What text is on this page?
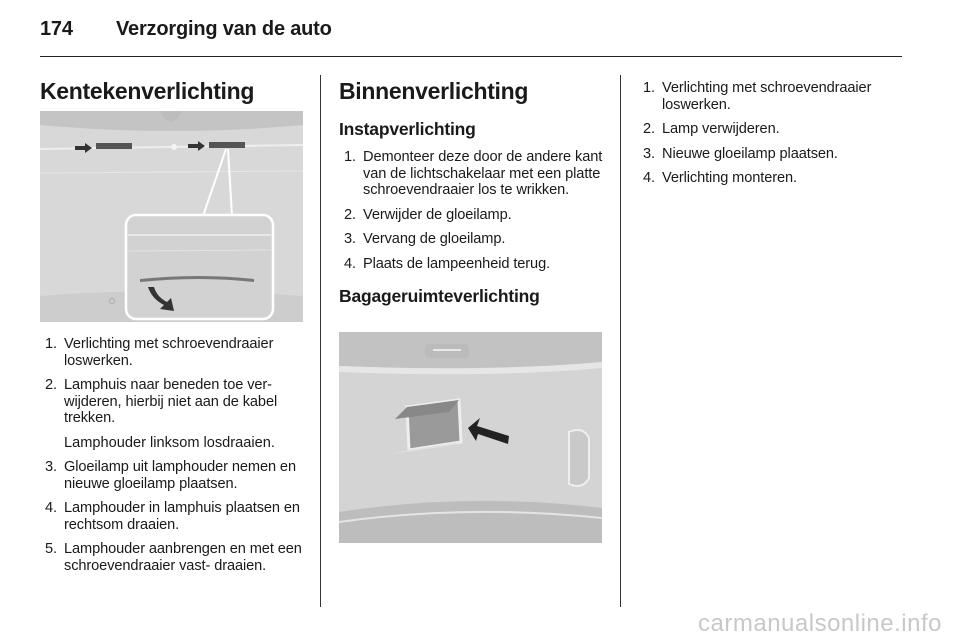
174 Verzorging van de auto
Kentekenverlichting
1. Verlichting met schroevendraaier loswerken.
2. Lamphuis naar beneden toe ver- wijderen, hierbij niet aan de kabel trekken.
Lamphouder linksom losdraaien.
3. Gloeilamp uit lamphouder nemen en nieuwe gloeilamp plaatsen.
4. Lamphouder in lamphuis plaatsen en rechtsom draaien.
5. Lamphouder aanbrengen en met een schroevendraaier vast- draaien.
Binnenverlichting
Instapverlichting
1. Demonteer deze door de andere kant van de lichtschakelaar met een platte schroevendraaier los te wrikken.
2. Verwijder de gloeilamp.
3. Vervang de gloeilamp.
4. Plaats de lampeenheid terug.
Bagageruimteverlichting
1. Verlichting met schroevendraaier loswerken.
2. Lamp verwijderen.
3. Nieuwe gloeilamp plaatsen.
4. Verlichting monteren.
carmanualsonline.info
